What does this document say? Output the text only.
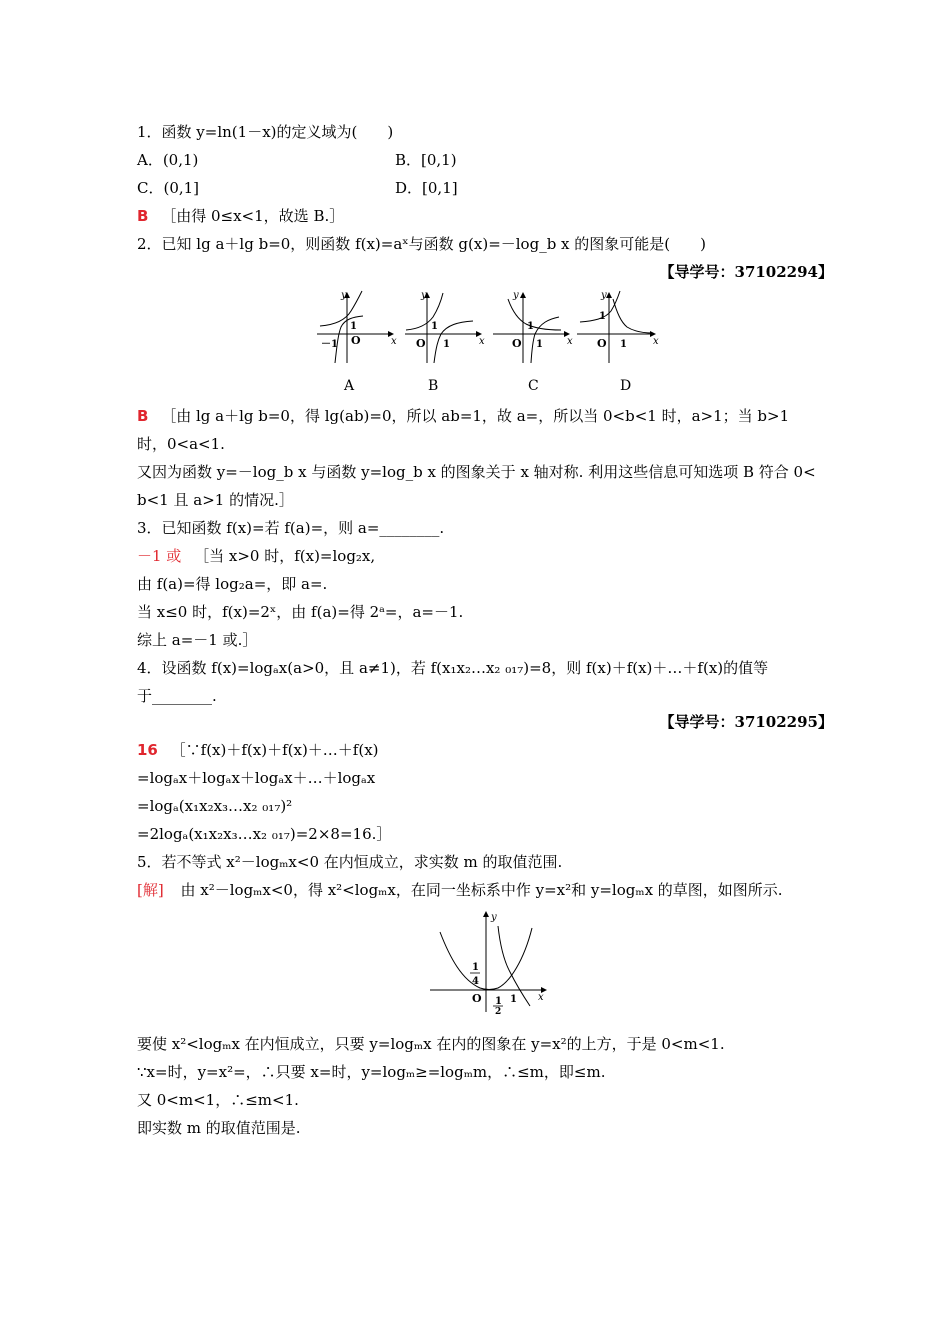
1．函数 y=ln(1－x)的定义域为(　　)
A．(0,1)	B．[0,1)
C．(0,1]	D．[0,1]
B ［由得 0≤x<1，故选 B.］
2．已知 lg a＋lg b=0，则函数 f(x)=aˣ与函数 g(x)=－log_b x 的图象可能是(　　)
【导学号：37102294】
y
x
O
1
－1
y
x
O
1
1
y
x
O
1
1
y
x
O
1
1
A	B	C	D
B ［由 lg a＋lg b=0，得 lg(ab)=0，所以 ab=1，故 a=，所以当 0<b<1 时，a>1；当 b>1
时，0<a<1.
又因为函数 y=－log_b x 与函数 y=log_b x 的图象关于 x 轴对称. 利用这些信息可知选项 B 符合 0<
b<1 且 a>1 的情况.］
3．已知函数 f(x)=若 f(a)=，则 a=________.
－1 或 ［当 x>0 时，f(x)=log₂x,
由 f(a)=得 log₂a=，即 a=.
当 x≤0 时，f(x)=2ˣ，由 f(a)=得 2ᵃ=，a=－1.
综上 a=－1 或.］
4．设函数 f(x)=logₐx(a>0，且 a≠1)，若 f(x₁x₂…x₂ ₀₁₇)=8，则 f(x)＋f(x)＋…＋f(x)的值等
于________.
【导学号：37102295】
16 ［∵f(x)＋f(x)＋f(x)＋…＋f(x)
=logₐx＋logₐx＋logₐx＋…＋logₐx
=logₐ(x₁x₂x₃…x₂ ₀₁₇)²
=2logₐ(x₁x₂x₃…x₂ ₀₁₇)=2×8=16.］
5．若不等式 x²－logₘx<0 在内恒成立，求实数 m 的取值范围.
[解] 由 x²－logₘx<0，得 x²<logₘx，在同一坐标系中作 y=x²和 y=logₘx 的草图，如图所示.
y
x
O
1
4
1
2
1
要使 x²<logₘx 在内恒成立，只要 y=logₘx 在内的图象在 y=x²的上方，于是 0<m<1.
∵x=时，y=x²=，∴只要 x=时，y=logₘ≥=logₘm，∴≤m，即≤m.
又 0<m<1，∴≤m<1.
即实数 m 的取值范围是.
